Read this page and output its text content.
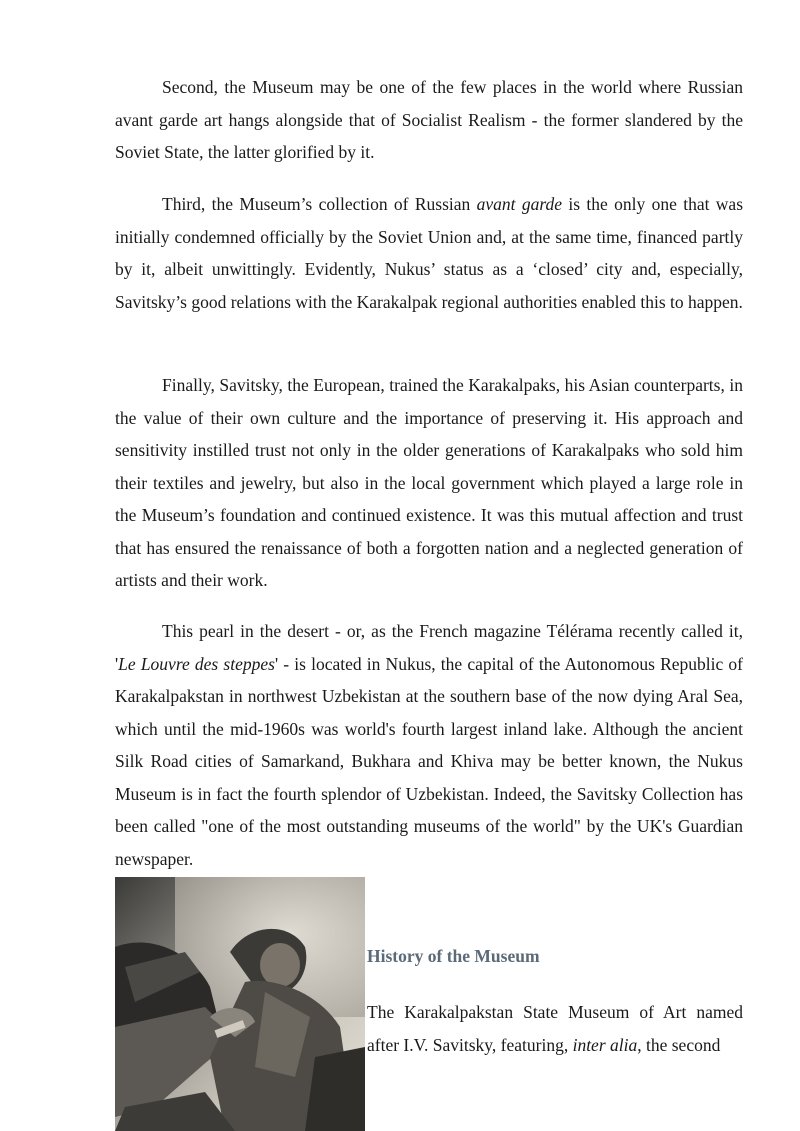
Second, the Museum may be one of the few places in the world where Russian avant garde art hangs alongside that of Socialist Realism - the former slandered by the Soviet State, the latter glorified by it.

Third, the Museum’s collection of Russian avant garde is the only one that was initially condemned officially by the Soviet Union and, at the same time, financed partly by it, albeit unwittingly. Evidently, Nukus’ status as a ‘closed’ city and, especially, Savitsky’s good relations with the Karakalpak regional authorities enabled this to happen.

Finally, Savitsky, the European, trained the Karakalpaks, his Asian counterparts, in the value of their own culture and the importance of preserving it. His approach and sensitivity instilled trust not only in the older generations of Karakalpaks who sold him their textiles and jewelry, but also in the local government which played a large role in the Museum’s foundation and continued existence. It was this mutual affection and trust that has ensured the renaissance of both a forgotten nation and a neglected generation of artists and their work.

This pearl in the desert - or, as the French magazine Télérama recently called it, 'Le Louvre des steppes' - is located in Nukus, the capital of the Autonomous Republic of Karakalpakstan in northwest Uzbekistan at the southern base of the now dying Aral Sea, which until the mid-1960s was world's fourth largest inland lake. Although the ancient Silk Road cities of Samarkand, Bukhara and Khiva may be better known, the Nukus Museum is in fact the fourth splendor of Uzbekistan. Indeed, the Savitsky Collection has been called "one of the most outstanding museums of the world" by the UK's Guardian newspaper.

History of the Museum

The Karakalpakstan State Museum of Art named after I.V. Savitsky, featuring, inter alia, the second
